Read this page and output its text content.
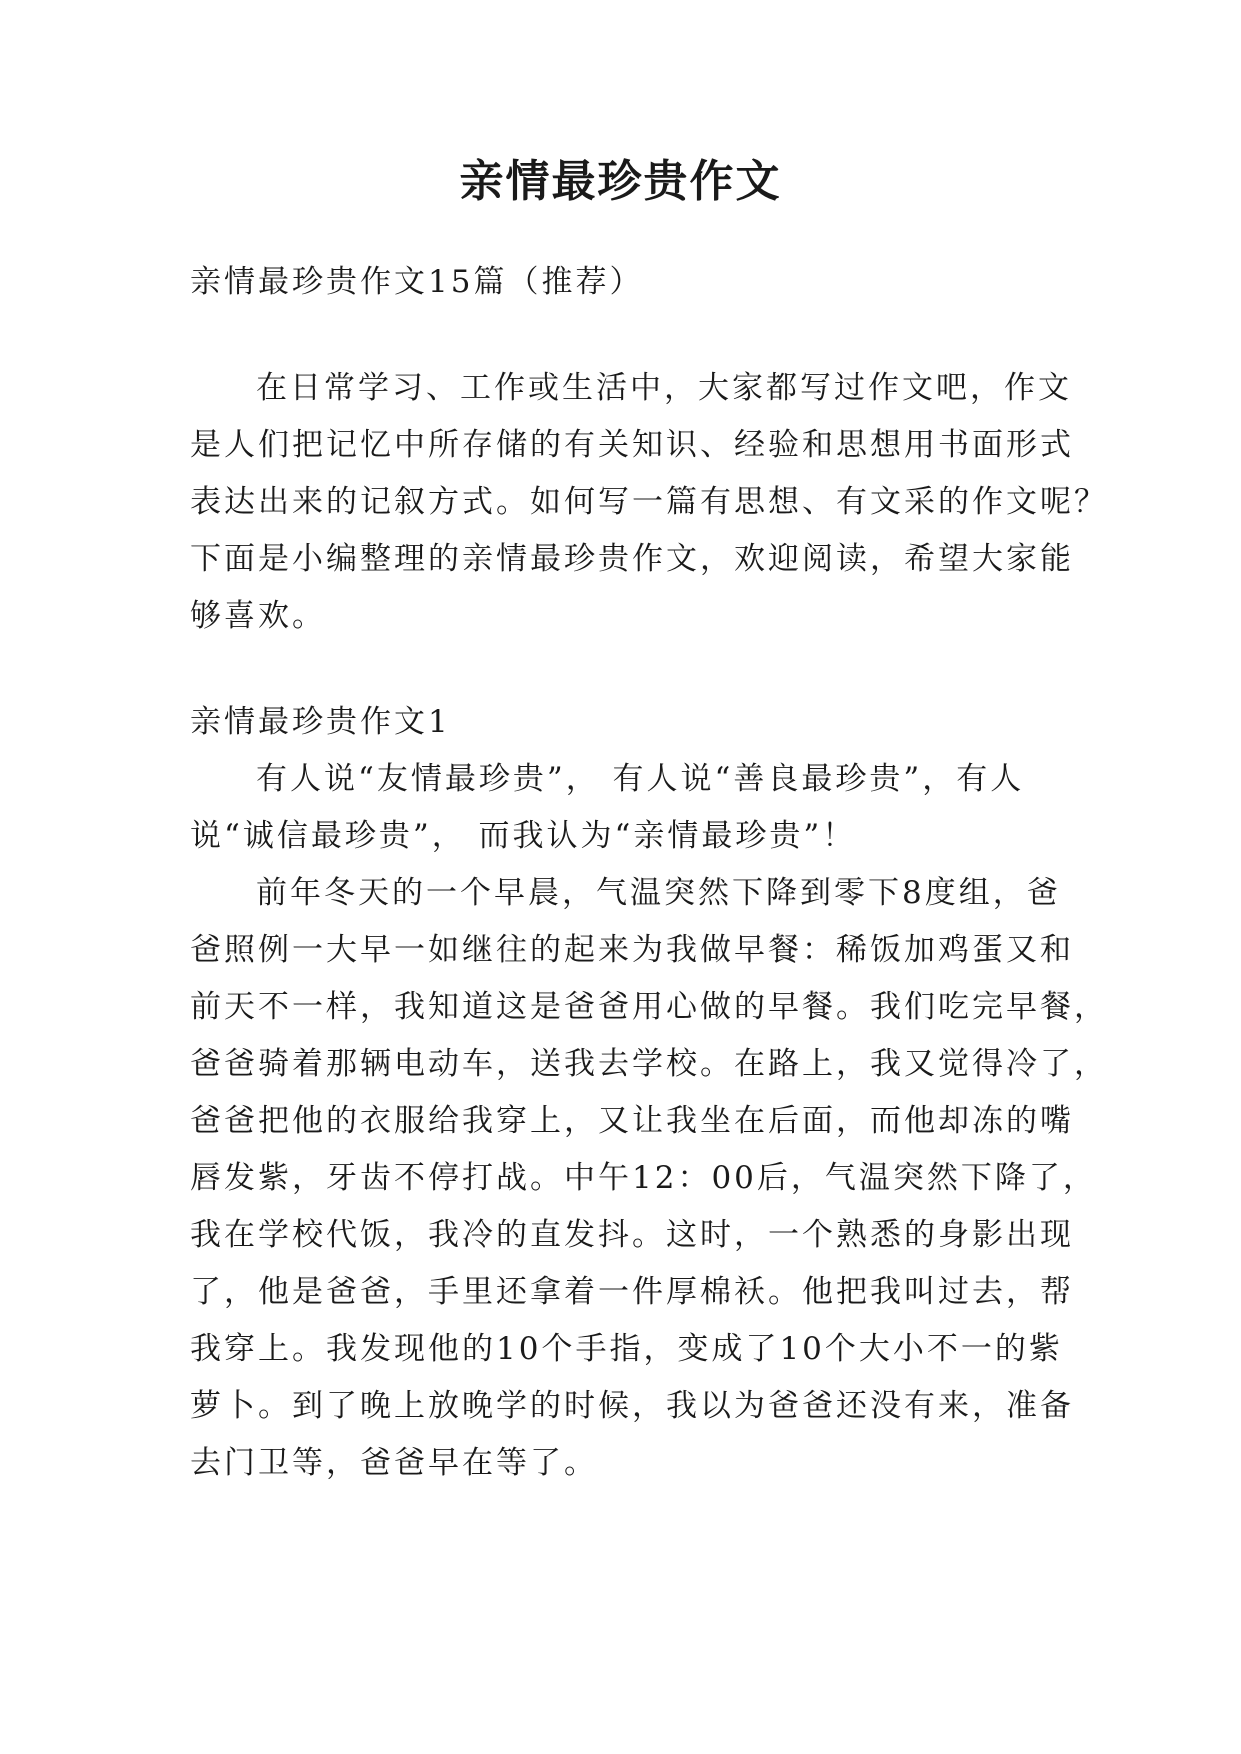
亲情最珍贵作文

亲情最珍贵作文15篇（推荐）

在日常学习、工作或生活中，大家都写过作文吧，作文

是人们把记忆中所存储的有关知识、经验和思想用书面形式

表达出来的记叙方式。如何写一篇有思想、有文采的作文呢？

下面是小编整理的亲情最珍贵作文，欢迎阅读，希望大家能

够喜欢。

亲情最珍贵作文1

有人说“友情最珍贵”， 有人说“善良最珍贵”，有人

说“诚信最珍贵”， 而我认为“亲情最珍贵”！

前年冬天的一个早晨，气温突然下降到零下8度组，爸

爸照例一大早一如继往的起来为我做早餐：稀饭加鸡蛋又和

前天不一样，我知道这是爸爸用心做的早餐。我们吃完早餐，

爸爸骑着那辆电动车，送我去学校。在路上，我又觉得冷了，

爸爸把他的衣服给我穿上，又让我坐在后面，而他却冻的嘴

唇发紫，牙齿不停打战。中午12：00后，气温突然下降了，

我在学校代饭，我冷的直发抖。这时，一个熟悉的身影出现

了，他是爸爸，手里还拿着一件厚棉袄。他把我叫过去，帮

我穿上。我发现他的10个手指，变成了10个大小不一的紫

萝卜。到了晚上放晚学的时候，我以为爸爸还没有来，准备

去门卫等，爸爸早在等了。
